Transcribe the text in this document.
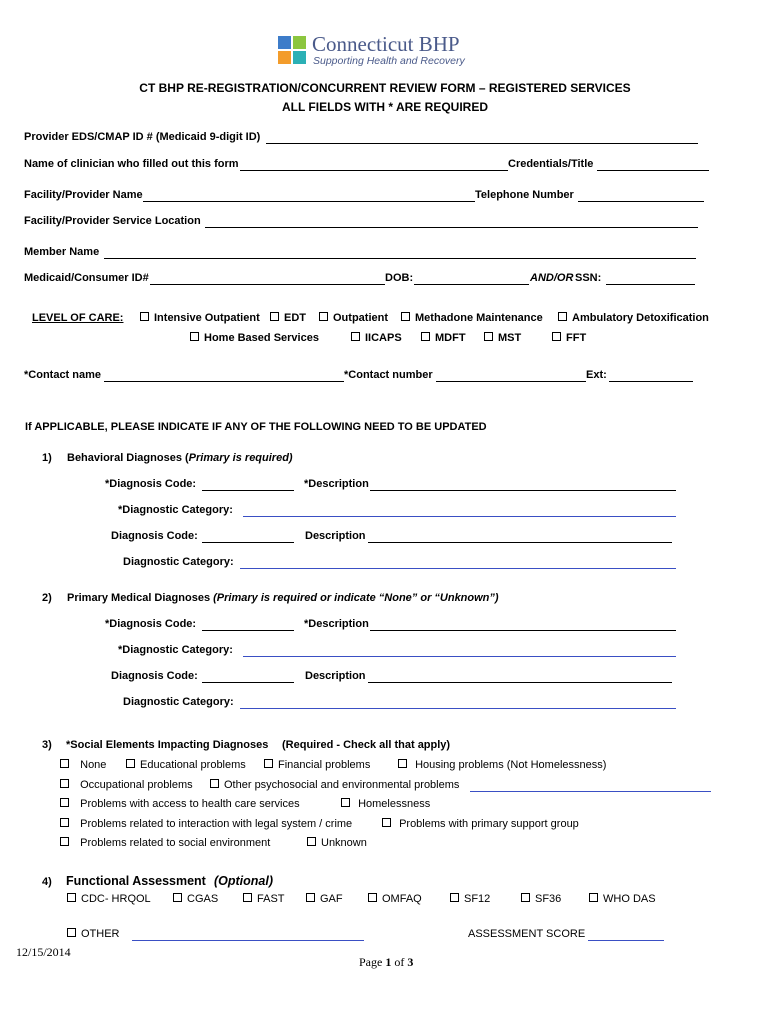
Connecticut BHP
Supporting Health and Recovery
CT BHP RE-REGISTRATION/CONCURRENT REVIEW FORM – REGISTERED SERVICES
ALL FIELDS WITH * ARE REQUIRED
Provider EDS/CMAP ID # (Medicaid 9-digit ID)
Name of clinician who filled out this form	Credentials/Title
Facility/Provider Name	Telephone Number
Facility/Provider Service Location
Member Name
Medicaid/Consumer ID#	DOB:	AND/OR SSN:
LEVEL OF CARE:	Intensive Outpatient	EDT	Outpatient	Methadone Maintenance	Ambulatory Detoxification
Home Based Services	IICAPS	MDFT	MST	FFT
*Contact name	*Contact number	Ext:
If APPLICABLE, PLEASE INDICATE IF ANY OF THE FOLLOWING NEED TO BE UPDATED
1) Behavioral Diagnoses (Primary is required)
*Diagnosis Code:	*Description
*Diagnostic Category:
Diagnosis Code:	Description
Diagnostic Category:
2) Primary Medical Diagnoses (Primary is required or indicate “None” or “Unknown”)
*Diagnosis Code:	*Description
*Diagnostic Category:
Diagnosis Code:	Description
Diagnostic Category:
3) *Social Elements Impacting Diagnoses (Required - Check all that apply)
None	Educational problems	Financial problems	Housing problems (Not Homelessness)
Occupational problems	Other psychosocial and environmental problems
Problems with access to health care services	Homelessness
Problems related to interaction with legal system / crime	Problems with primary support group
Problems related to social environment	Unknown
4) Functional Assessment (Optional)
CDC- HRQOL	CGAS	FAST	GAF	OMFAQ	SF12	SF36	WHO DAS
OTHER	ASSESSMENT SCORE
12/15/2014
Page 1 of 3
